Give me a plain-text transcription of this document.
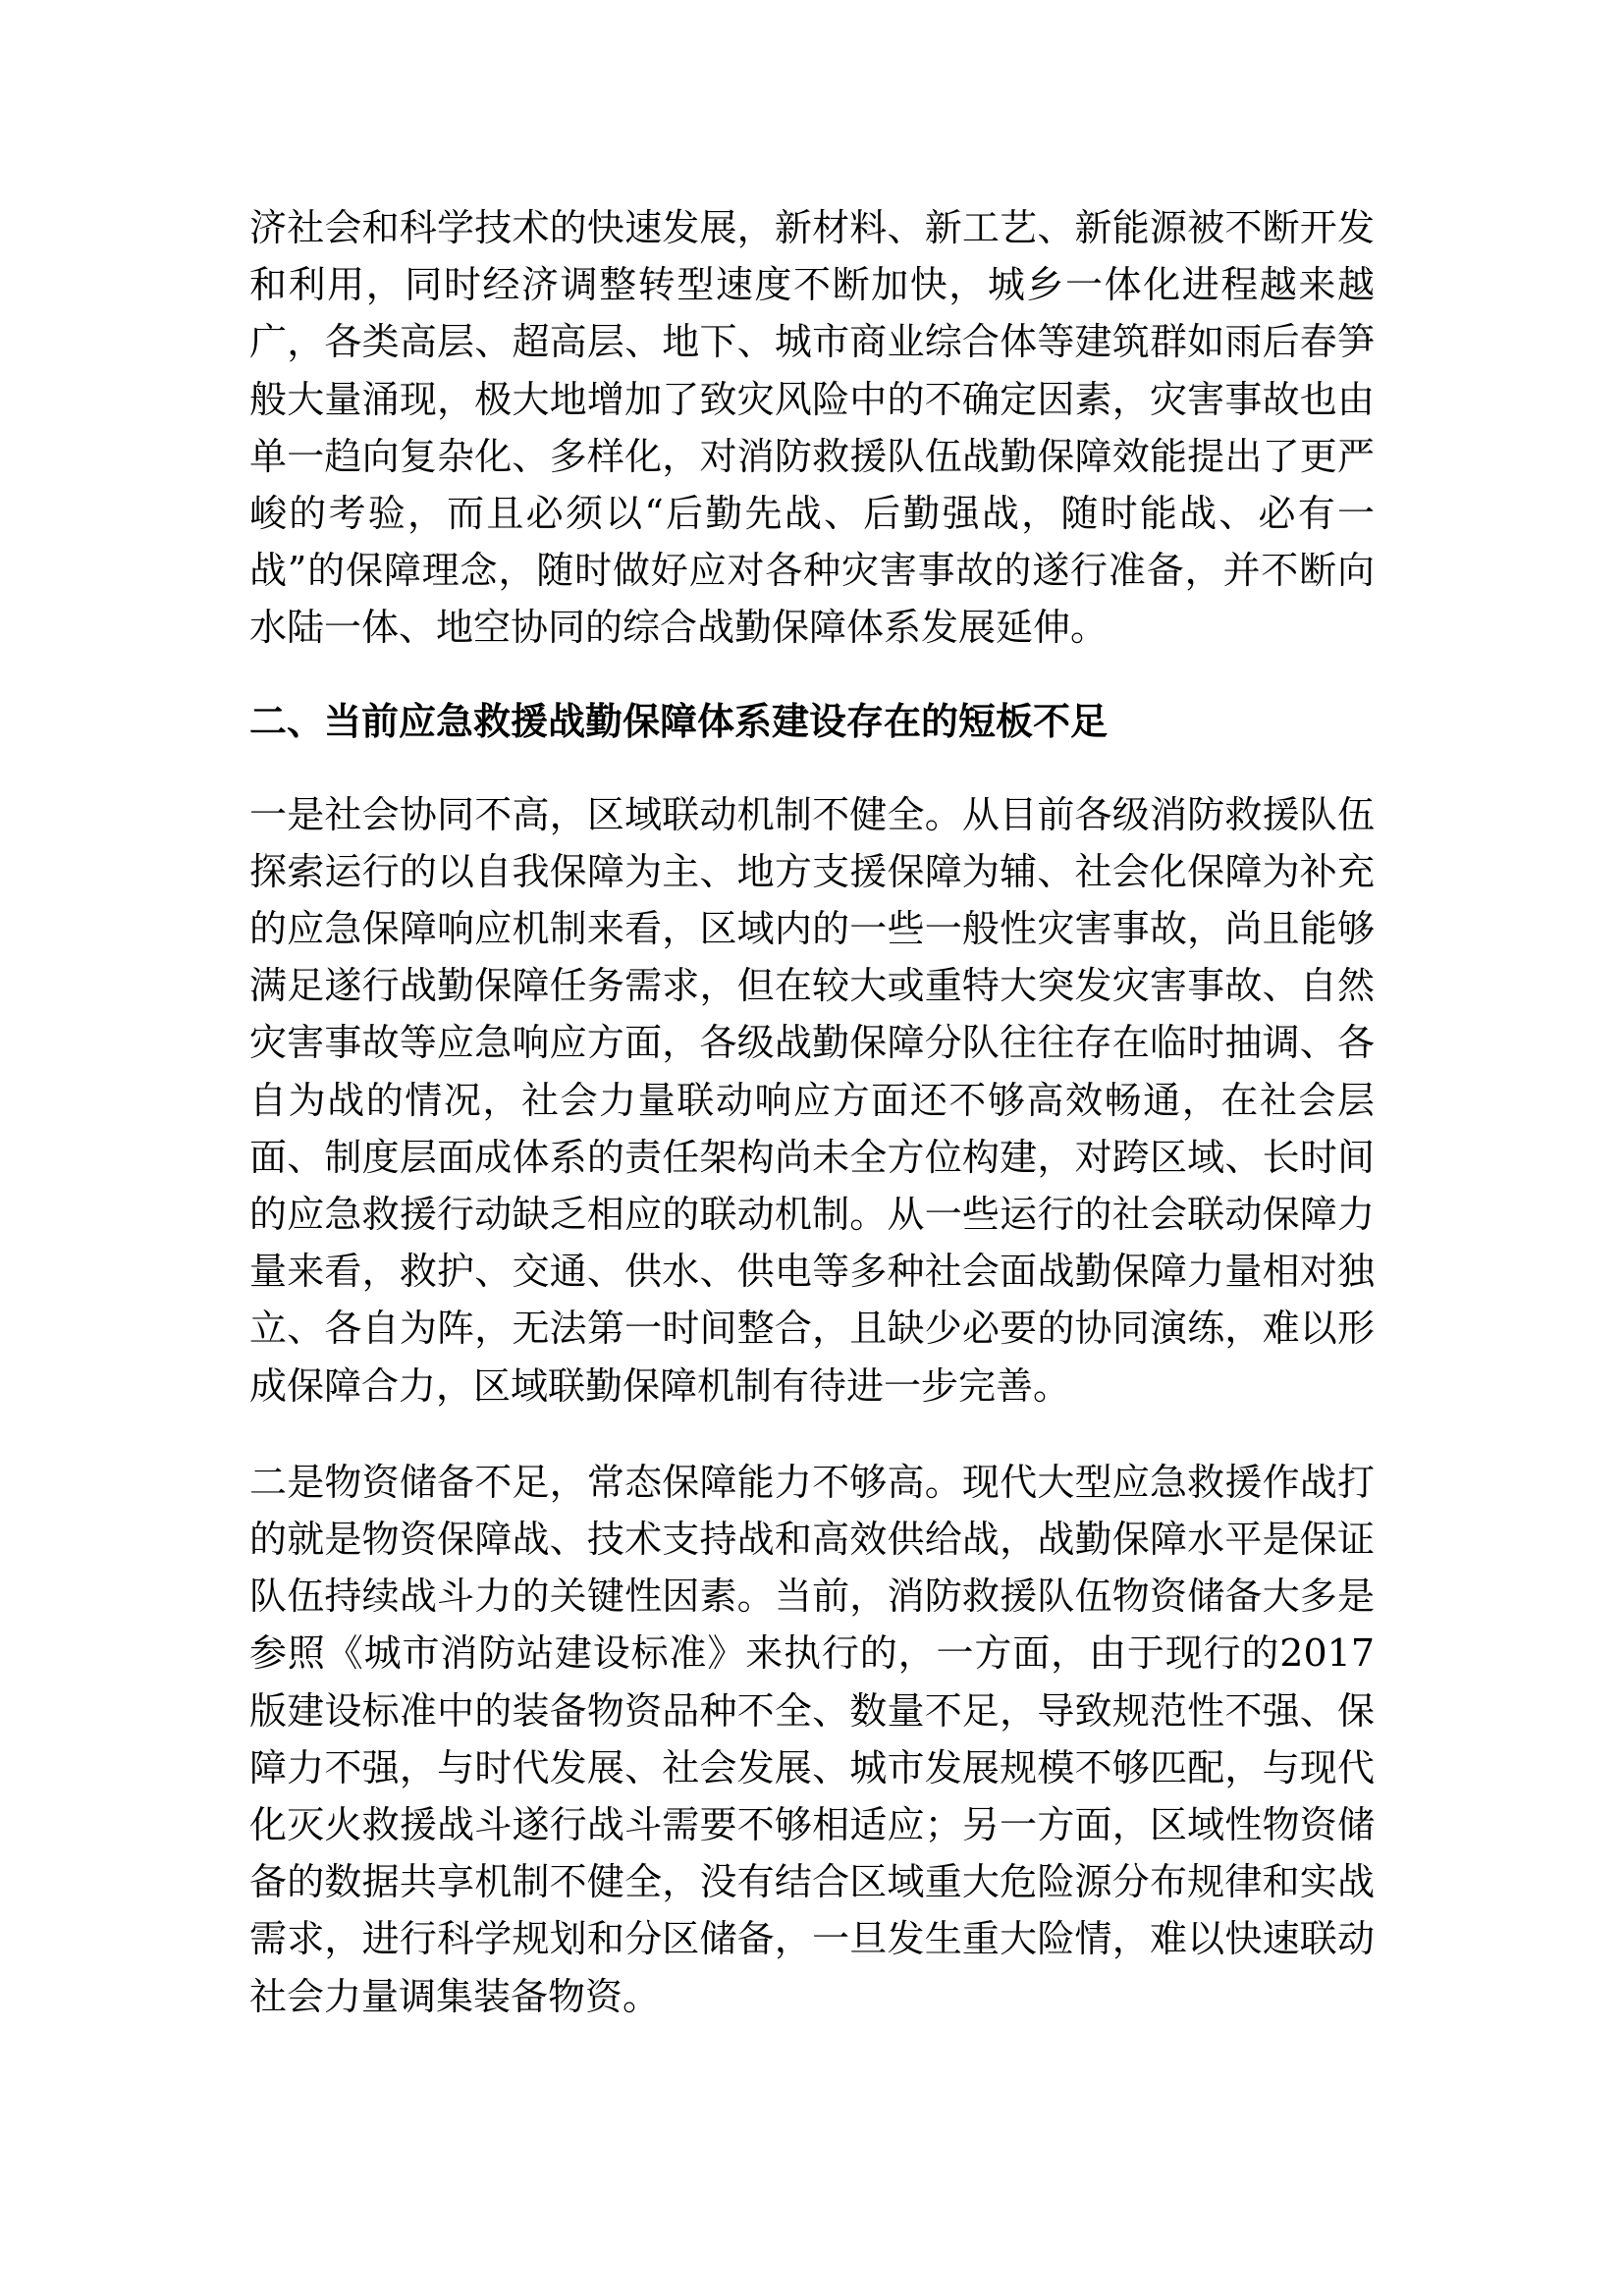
济社会和科学技术的快速发展，新材料、新工艺、新能源被不断开发和利用，同时经济调整转型速度不断加快，城乡一体化进程越来越广，各类高层、超高层、地下、城市商业综合体等建筑群如雨后春笋般大量涌现，极大地增加了致灾风险中的不确定因素，灾害事故也由单一趋向复杂化、多样化，对消防救援队伍战勤保障效能提出了更严峻的考验，而且必须以“后勤先战、后勤强战，随时能战、必有一战”的保障理念，随时做好应对各种灾害事故的遂行准备，并不断向水陆一体、地空协同的综合战勤保障体系发展延伸。

二、当前应急救援战勤保障体系建设存在的短板不足

一是社会协同不高，区域联动机制不健全。从目前各级消防救援队伍探索运行的以自我保障为主、地方支援保障为辅、社会化保障为补充的应急保障响应机制来看，区域内的一些一般性灾害事故，尚且能够满足遂行战勤保障任务需求，但在较大或重特大突发灾害事故、自然灾害事故等应急响应方面，各级战勤保障分队往往存在临时抽调、各自为战的情况，社会力量联动响应方面还不够高效畅通，在社会层面、制度层面成体系的责任架构尚未全方位构建，对跨区域、长时间的应急救援行动缺乏相应的联动机制。从一些运行的社会联动保障力量来看，救护、交通、供水、供电等多种社会面战勤保障力量相对独立、各自为阵，无法第一时间整合，且缺少必要的协同演练，难以形成保障合力，区域联勤保障机制有待进一步完善。

二是物资储备不足，常态保障能力不够高。现代大型应急救援作战打的就是物资保障战、技术支持战和高效供给战，战勤保障水平是保证队伍持续战斗力的关键性因素。当前，消防救援队伍物资储备大多是参照《城市消防站建设标准》来执行的，一方面，由于现行的2017版建设标准中的装备物资品种不全、数量不足，导致规范性不强、保障力不强，与时代发展、社会发展、城市发展规模不够匹配，与现代化灭火救援战斗遂行战斗需要不够相适应；另一方面，区域性物资储备的数据共享机制不健全，没有结合区域重大危险源分布规律和实战需求，进行科学规划和分区储备，一旦发生重大险情，难以快速联动社会力量调集装备物资。
